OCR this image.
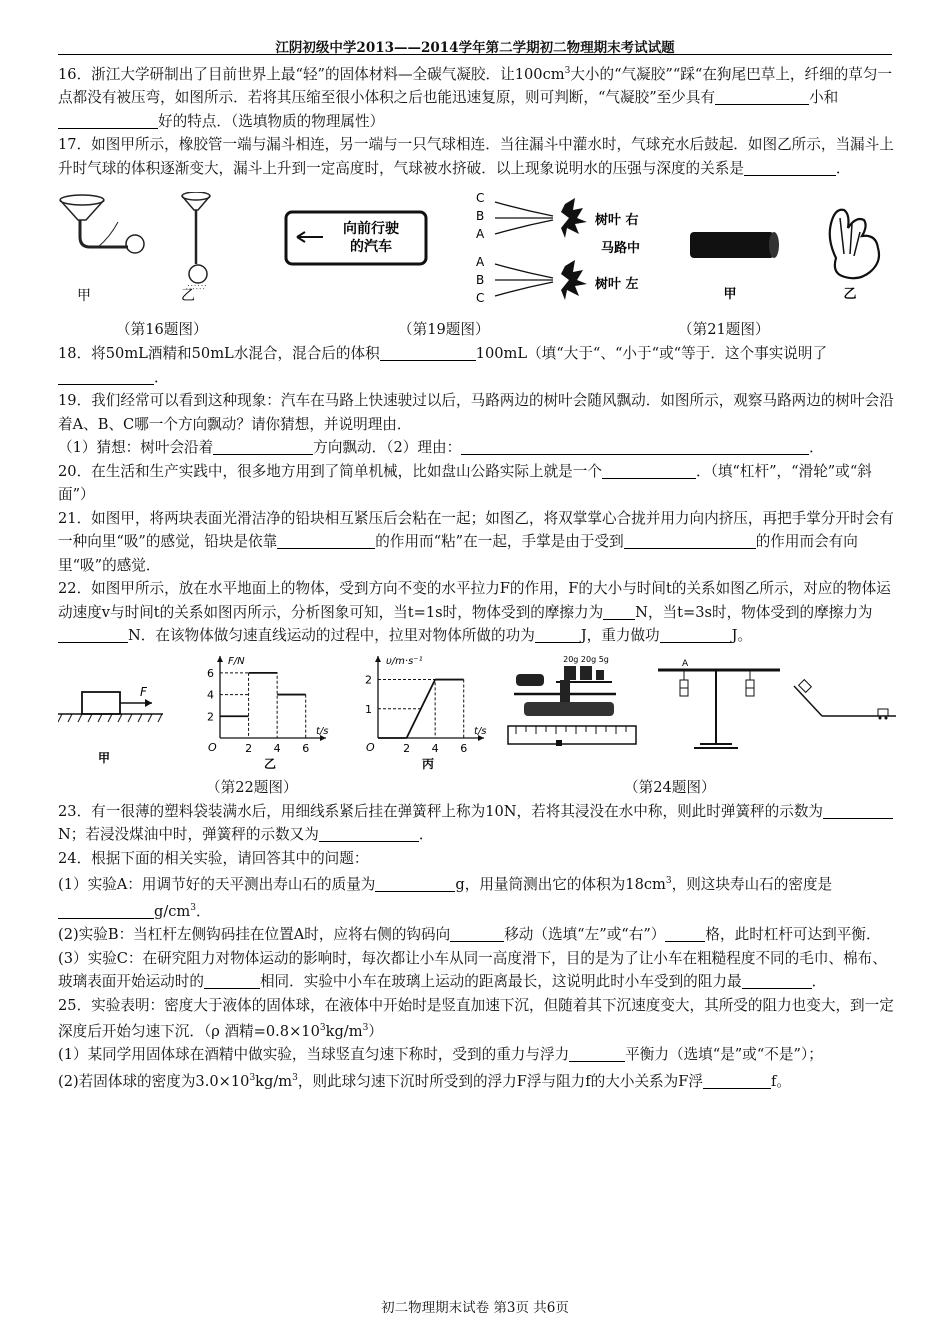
江阴初级中学2013——2014学年第二学期初二物理期末考试试题

16．浙江大学研制出了目前世界上最“轻”的固体材料—全碳气凝胶．让$100cm^3$大小的“气凝胶”“踩“在狗尾巴草上，纤细的草匀一点都没有被压弯，如图所示．若将其压缩至很小体积之后也能迅速复原，则可判断，“气凝胶”至少具有	小和好的特点．（选填物质的物理属性）

17．如图甲所示，橡胶管一端与漏斗相连，另一端与一只气球相连．当往漏斗中灌水时，气球充水后鼓起．如图乙所示，当漏斗上升时气球的体积逐渐变大，漏斗上升到一定高度时，气球被水挤破．以上现象说明水的压强与深度的关系是	．

∴∵∴∵
甲	乙
向前行驶
的汽车
C
B
A
树叶 右
马路中
A
B
C
树叶 左
甲	乙
（第16题图）	（第19题图）	（第21题图）

18．将50mL酒精和50mL水混合，混合后的体积	100mL（填“大于“、“小于“或“等于．这个事实说明了．

19．我们经常可以看到这种现象：汽车在马路上快速驶过以后，马路两边的树叶会随风飘动．如图所示，观察马路两边的树叶会沿着A、B、C哪一个方向飘动？请你猜想，并说明理由．

（1）猜想：树叶会沿着	方向飘动．（2）理由：	．

20．在生活和生产实践中，很多地方用到了简单机械，比如盘山公路实际上就是一个	．（填“杠杆”，“滑轮”或“斜面”）

21．如图甲，将两块表面光滑洁净的铅块相互紧压后会粘在一起；如图乙，将双掌掌心合拢并用力向内挤压，再把手掌分开时会有一种向里“吸”的感觉，铅块是依靠	的作用而“粘”在一起，手掌是由于受到	的作用而会有向里“吸”的感觉．

22．如图甲所示，放在水平地面上的物体，受到方向不变的水平拉力F的作用，F的大小与时间t的关系如图乙所示，对应的物体运动速度v与时间t的关系如图丙所示，分析图象可知，当t=1s时，物体受到的摩擦力为 N，当t=3s时，物体受到的摩擦力为N．在该物体做匀速直线运动的过程中，拉里对物体所做的功为	J，重力做功	J。

F
甲
F/N
t/s
O	2 4 6
2
4
6
乙
υ/m·s⁻¹
t/s
O	2 4 6
1
2
丙
20g 20g 5g	A
（第22题图）	（第24题图）

23．有一很薄的塑料袋装满水后，用细线系紧后挂在弹簧秤上称为10N，若将其浸没在水中称，则此时弹簧秤的示数为N；若浸没煤油中时，弹簧秤的示数又为	．

24．根据下面的相关实验，请回答其中的问题：

(1）实验A：用调节好的天平测出寿山石的质量为	g，用量筒测出它的体积为$18cm^3$，则这块寿山石的密度是$g/cm^3$．

(2)实验B：当杠杆左侧钩码挂在位置A时，应将右侧的钩码向	移动（选填“左”或“右”）	格，此时杠杆可达到平衡．

(3）实验C：在研究阻力对物体运动的影响时，每次都让小车从同一高度滑下，目的是为了让小车在粗糙程度不同的毛巾、棉布、玻璃表面开始运动时的	相同．实验中小车在玻璃上运动的距离最长，这说明此时小车受到的阻力最	．

25．实验表明：密度大于液体的固体球，在液体中开始时是竖直加速下沉，但随着其下沉速度变大，其所受的阻力也变大，到一定深度后开始匀速下沉．（ρ 酒精$=0.8\times 10^3kg/m^3$）

(1）某同学用固体球在酒精中做实验，当球竖直匀速下称时，受到的重力与浮力	平衡力（选填“是”或“不是”）；

(2)若固体球的密度为$3.0\times 10^3kg/m^3$，则此球匀速下沉时所受到的浮力F浮与阻力f的大小关系为F浮	f。

初二物理期末试卷 第3页 共6页
